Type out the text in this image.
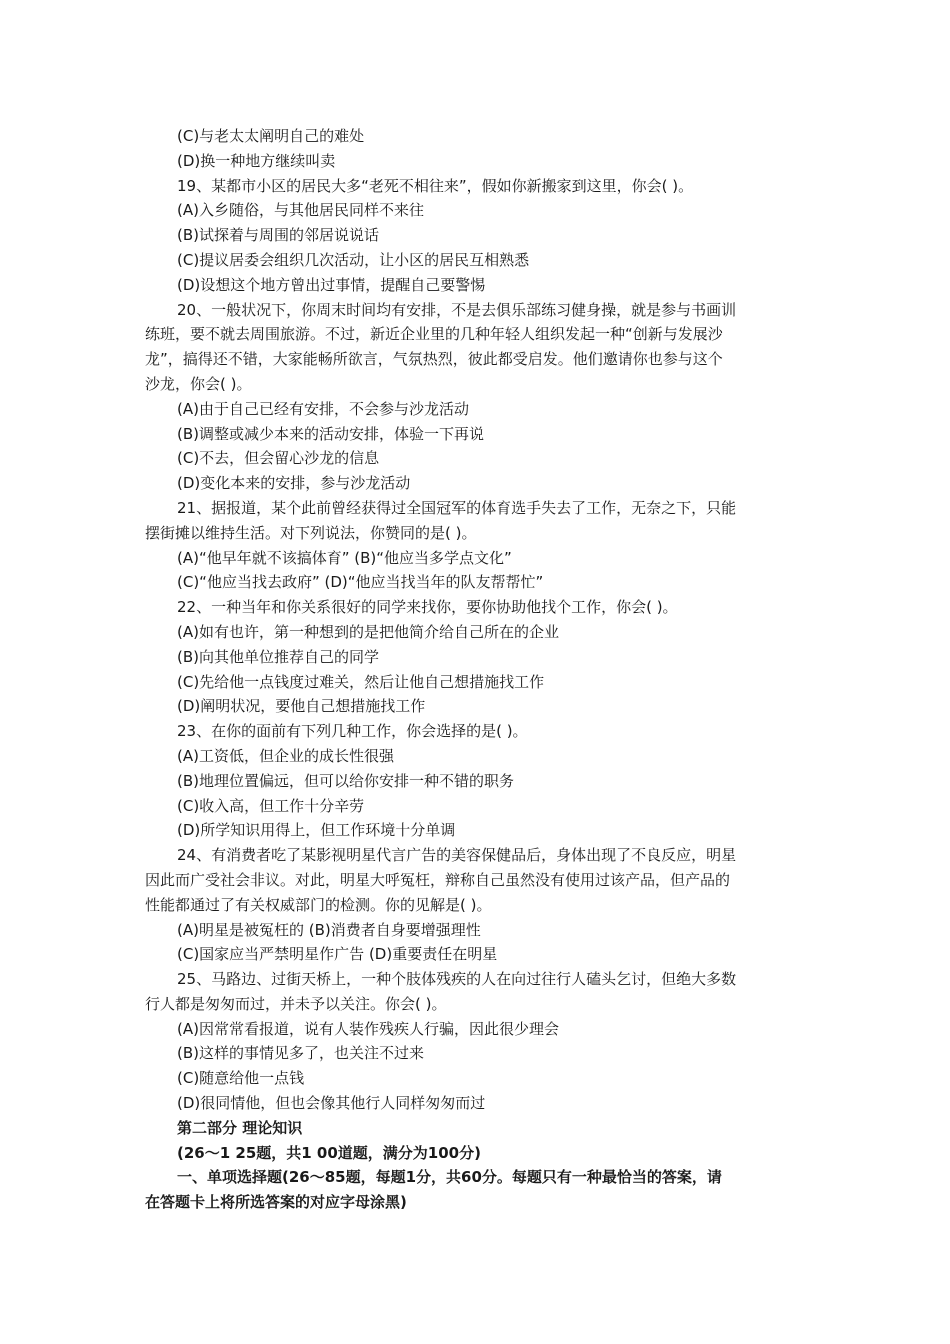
(C)与老太太阐明自己的难处

(D)换一种地方继续叫卖

19、某都市小区的居民大多“老死不相往来”，假如你新搬家到这里，你会( )。

(A)入乡随俗，与其他居民同样不来往

(B)试探着与周围的邻居说说话

(C)提议居委会组织几次活动，让小区的居民互相熟悉

(D)设想这个地方曾出过事情，提醒自己要警惕

20、一般状况下，你周末时间均有安排，不是去俱乐部练习健身操，就是参与书画训

练班，要不就去周围旅游。不过，新近企业里的几种年轻人组织发起一种“创新与发展沙

龙”，搞得还不错，大家能畅所欲言，气氛热烈，彼此都受启发。他们邀请你也参与这个

沙龙，你会( )。

(A)由于自己已经有安排，不会参与沙龙活动

(B)调整或减少本来的活动安排，体验一下再说

(C)不去，但会留心沙龙的信息

(D)变化本来的安排，参与沙龙活动

21、据报道，某个此前曾经获得过全国冠军的体育选手失去了工作，无奈之下，只能

摆街摊以维持生活。对下列说法，你赞同的是( )。

(A)“他早年就不该搞体育” (B)“他应当多学点文化”

(C)“他应当找去政府” (D)“他应当找当年的队友帮帮忙”

22、一种当年和你关系很好的同学来找你，要你协助他找个工作，你会( )。

(A)如有也许，第一种想到的是把他简介给自己所在的企业

(B)向其他单位推荐自己的同学

(C)先给他一点钱度过难关，然后让他自己想措施找工作

(D)阐明状况，要他自己想措施找工作

23、在你的面前有下列几种工作，你会选择的是( )。

(A)工资低，但企业的成长性很强

(B)地理位置偏远，但可以给你安排一种不错的职务

(C)收入高，但工作十分辛劳

(D)所学知识用得上，但工作环境十分单调

24、有消费者吃了某影视明星代言广告的美容保健品后，身体出现了不良反应，明星

因此而广受社会非议。对此，明星大呼冤枉，辩称自己虽然没有使用过该产品，但产品的

性能都通过了有关权威部门的检测。你的见解是( )。

(A)明星是被冤枉的 (B)消费者自身要增强理性

(C)国家应当严禁明星作广告 (D)重要责任在明星

25、马路边、过街天桥上，一种个肢体残疾的人在向过往行人磕头乞讨，但绝大多数

行人都是匆匆而过，并未予以关注。你会( )。

(A)因常常看报道，说有人装作残疾人行骗，因此很少理会

(B)这样的事情见多了，也关注不过来

(C)随意给他一点钱

(D)很同情他，但也会像其他行人同样匆匆而过

第二部分 理论知识

(26～1 25题，共1 00道题，满分为100分)

一、单项选择题(26～85题，每题1分，共60分。每题只有一种最恰当的答案，请

在答题卡上将所选答案的对应字母涂黑)
